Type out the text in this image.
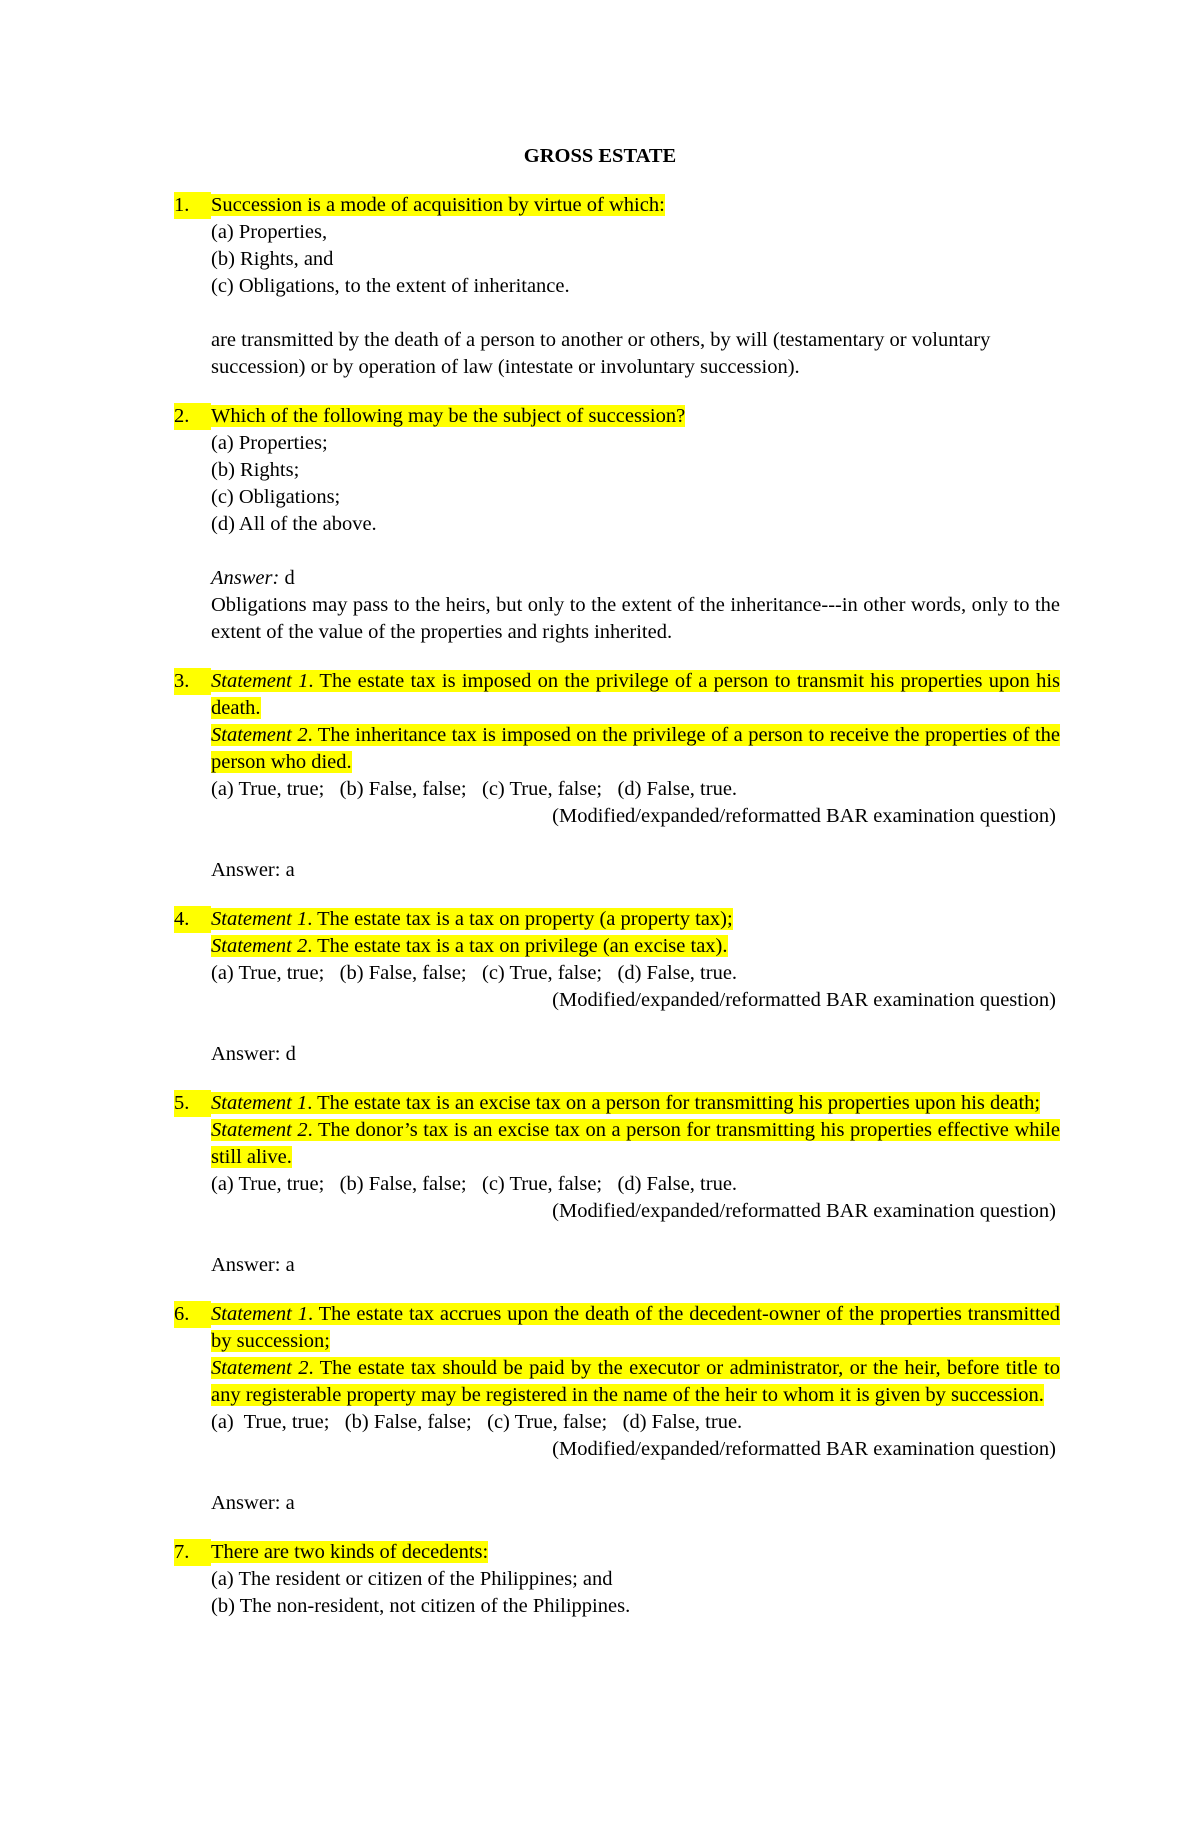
GROSS ESTATE
1.	Succession is a mode of acquisition by virtue of which:
(a) Properties,
(b) Rights, and
(c) Obligations, to the extent of inheritance.
are transmitted by the death of a person to another or others, by will (testamentary or voluntary succession) or by operation of law (intestate or involuntary succession).
2.	Which of the following may be the subject of succession?
(a) Properties;
(b) Rights;
(c) Obligations;
(d) All of the above.
Answer: d
Obligations may pass to the heirs, but only to the extent of the inheritance---in other words, only to the extent of the value of the properties and rights inherited.
3.	Statement 1. The estate tax is imposed on the privilege of a person to transmit his properties upon his death.
Statement 2. The inheritance tax is imposed on the privilege of a person to receive the properties of the person who died.
(a) True, true;   (b) False, false;   (c) True, false;   (d) False, true.
(Modified/expanded/reformatted BAR examination question)
Answer: a
4.	Statement 1. The estate tax is a tax on property (a property tax);
Statement 2. The estate tax is a tax on privilege (an excise tax).
(a) True, true;   (b) False, false;   (c) True, false;   (d) False, true.
(Modified/expanded/reformatted BAR examination question)
Answer: d
5.	Statement 1. The estate tax is an excise tax on a person for transmitting his properties upon his death;
Statement 2. The donor’s tax is an excise tax on a person for transmitting his properties effective while still alive.
(a) True, true;   (b) False, false;   (c) True, false;   (d) False, true.
(Modified/expanded/reformatted BAR examination question)
Answer: a
6.	Statement 1. The estate tax accrues upon the death of the decedent-owner of the properties transmitted by succession;
Statement 2. The estate tax should be paid by the executor or administrator, or the heir, before title to any registerable property may be registered in the name of the heir to whom it is given by succession.
(a)  True, true;   (b) False, false;   (c) True, false;   (d) False, true.
(Modified/expanded/reformatted BAR examination question)
Answer: a
7.	There are two kinds of decedents:
(a) The resident or citizen of the Philippines; and
(b) The non-resident, not citizen of the Philippines.
